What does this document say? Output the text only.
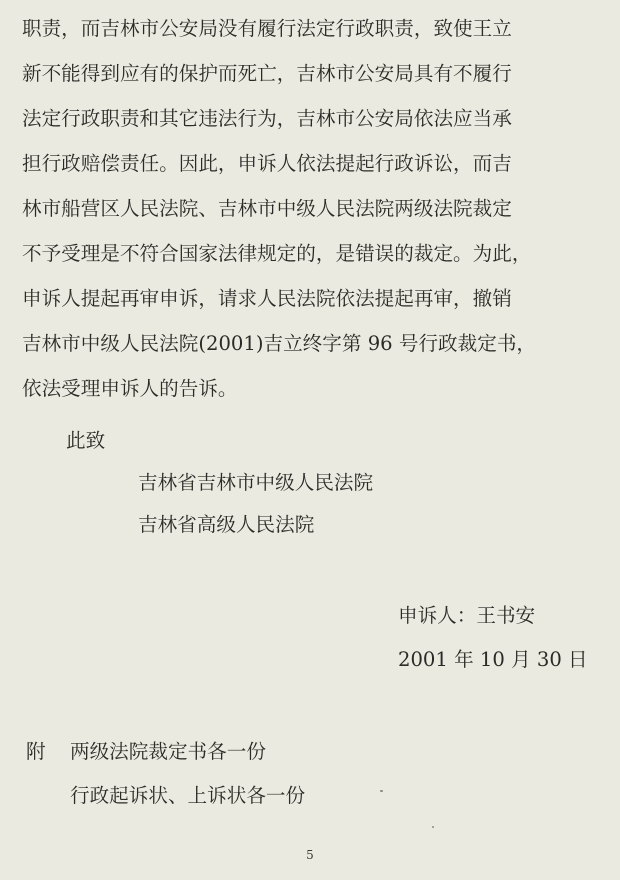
职责，而吉林市公安局没有履行法定行政职责，致使王立
新不能得到应有的保护而死亡，吉林市公安局具有不履行
法定行政职责和其它违法行为，吉林市公安局依法应当承
担行政赔偿责任。因此，申诉人依法提起行政诉讼，而吉
林市船营区人民法院、吉林市中级人民法院两级法院裁定
不予受理是不符合国家法律规定的，是错误的裁定。为此，
申诉人提起再审申诉，请求人民法院依法提起再审，撤销
吉林市中级人民法院(2001)吉立终字第 96 号行政裁定书，
依法受理申诉人的告诉。
此致
吉林省吉林市中级人民法院
吉林省高级人民法院
申诉人：王书安
2001 年 10 月 30 日
附 两级法院裁定书各一份
行政起诉状、上诉状各一份
5
